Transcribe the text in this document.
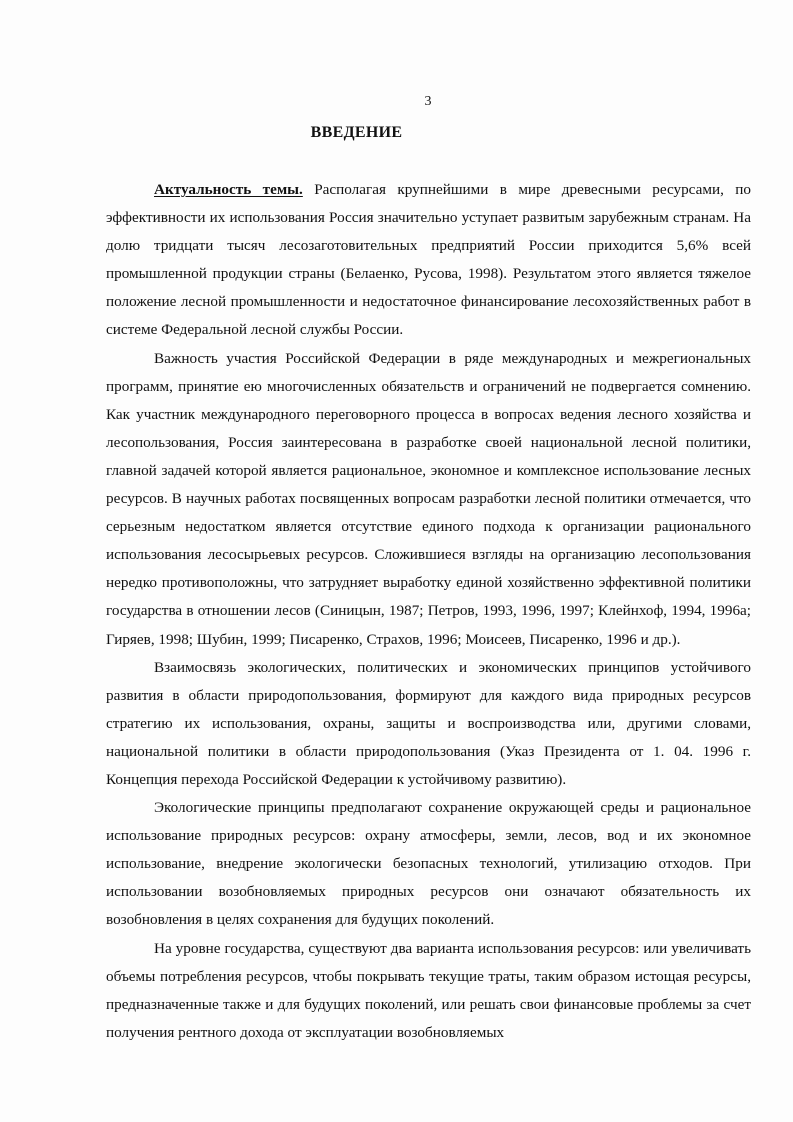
3
ВВЕДЕНИЕ

Актуальность темы. Располагая крупнейшими в мире древесными ресурсами, по эффективности их использования Россия значительно уступает развитым зарубежным странам. На долю тридцати тысяч лесозаготовительных предприятий России приходится 5,6% всей промышленной продукции страны (Белаенко, Русова, 1998). Результатом этого является тяжелое положение лесной промышленности и недостаточное финансирование лесохозяйственных работ в системе Федеральной лесной службы России.

Важность участия Российской Федерации в ряде международных и межрегиональных программ, принятие ею многочисленных обязательств и ограничений не подвергается сомнению. Как участник международного переговорного процесса в вопросах ведения лесного хозяйства и лесопользования, Россия заинтересована в разработке своей национальной лесной политики, главной задачей которой является рациональное, экономное и комплексное использование лесных ресурсов. В научных работах посвященных вопросам разработки лесной политики отмечается, что серьезным недостатком является отсутствие единого подхода к организации рационального использования лесосырьевых ресурсов. Сложившиеся взгляды на организацию лесопользования нередко противоположны, что затрудняет выработку единой хозяйственно эффективной политики государства в отношении лесов (Синицын, 1987; Петров, 1993, 1996, 1997; Клейнхоф, 1994, 1996а; Гиряев, 1998; Шубин, 1999; Писаренко, Страхов, 1996; Моисеев, Писаренко, 1996 и др.).

Взаимосвязь экологических, политических и экономических принципов устойчивого развития в области природопользования, формируют для каждого вида природных ресурсов стратегию их использования, охраны, защиты и воспроизводства или, другими словами, национальной политики в области природопользования (Указ Президента от 1. 04. 1996 г. Концепция перехода Российской Федерации к устойчивому развитию).

Экологические принципы предполагают сохранение окружающей среды и рациональное использование природных ресурсов: охрану атмосферы, земли, лесов, вод и их экономное использование, внедрение экологически безопасных технологий, утилизацию отходов. При использовании возобновляемых природных ресурсов они означают обязательность их возобновления в целях сохранения для будущих поколений.

На уровне государства, существуют два варианта использования ресурсов: или увеличивать объемы потребления ресурсов, чтобы покрывать текущие траты, таким образом истощая ресурсы, предназначенные также и для будущих поколений, или решать свои финансовые проблемы за счет получения рентного дохода от эксплуатации возобновляемых
